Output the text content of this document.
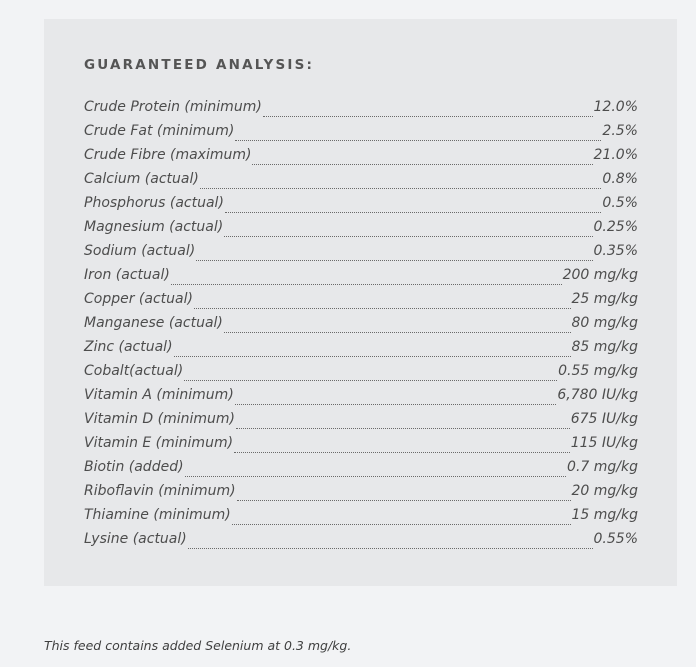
GUARANTEED ANALYSIS:
Crude Protein (minimum)	12.0%
Crude Fat (minimum)	2.5%
Crude Fibre (maximum)	21.0%
Calcium (actual)	0.8%
Phosphorus (actual)	0.5%
Magnesium (actual)	0.25%
Sodium (actual)	0.35%
Iron (actual)	200 mg/kg
Copper (actual)	25 mg/kg
Manganese (actual)	80 mg/kg
Zinc (actual)	85 mg/kg
Cobalt(actual)	0.55 mg/kg
Vitamin A (minimum)	6,780 IU/kg
Vitamin D (minimum)	675 IU/kg
Vitamin E (minimum)	115 IU/kg
Biotin (added)	0.7 mg/kg
Riboflavin (minimum)	20 mg/kg
Thiamine (minimum)	15 mg/kg
Lysine (actual)	0.55%

This feed contains added Selenium at 0.3 mg/kg.
